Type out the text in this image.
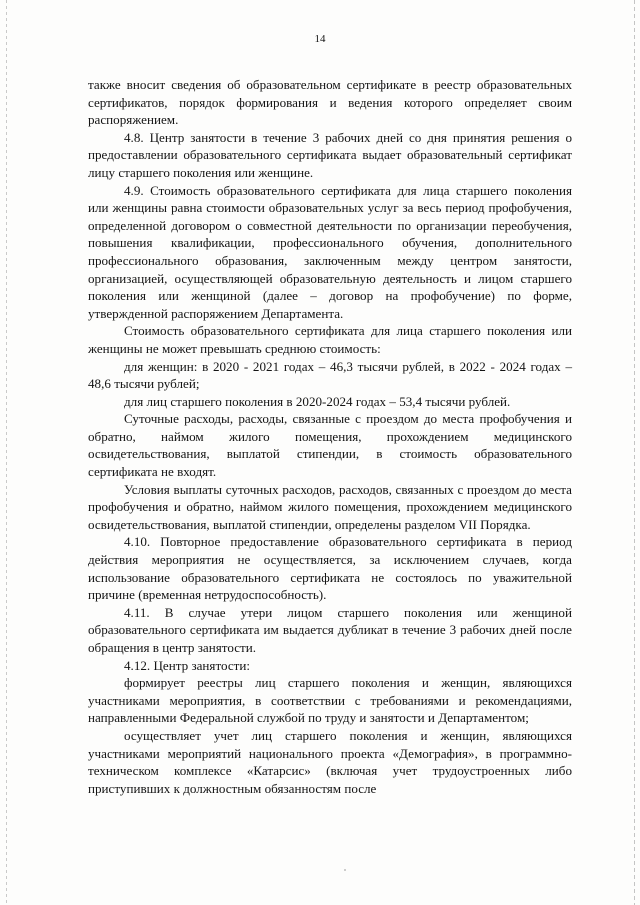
14

также вносит сведения об образовательном сертификате в реестр образовательных сертификатов, порядок формирования и ведения которого определяет своим распоряжением.

4.8. Центр занятости в течение 3 рабочих дней со дня принятия решения о предоставлении образовательного сертификата выдает образовательный сертификат лицу старшего поколения или женщине.

4.9. Стоимость образовательного сертификата для лица старшего поколения или женщины равна стоимости образовательных услуг за весь период профобучения, определенной договором о совместной деятельности по организации переобучения, повышения квалификации, профессионального обучения, дополнительного профессионального образования, заключенным между центром занятости, организацией, осуществляющей образовательную деятельность и лицом старшего поколения или женщиной (далее – договор на профобучение) по форме, утвержденной распоряжением Департамента.

Стоимость образовательного сертификата для лица старшего поколения или женщины не может превышать среднюю стоимость:

для женщин: в 2020 - 2021 годах – 46,3 тысячи рублей, в 2022 - 2024 годах – 48,6 тысячи рублей;

для лиц старшего поколения в 2020-2024 годах – 53,4 тысячи рублей.

Суточные расходы, расходы, связанные с проездом до места профобучения и обратно, наймом жилого помещения, прохождением медицинского освидетельствования, выплатой стипендии, в стоимость образовательного сертификата не входят.

Условия выплаты суточных расходов, расходов, связанных с проездом до места профобучения и обратно, наймом жилого помещения, прохождением медицинского освидетельствования, выплатой стипендии, определены разделом VII Порядка.

4.10. Повторное предоставление образовательного сертификата в период действия мероприятия не осуществляется, за исключением случаев, когда использование образовательного сертификата не состоялось по уважительной причине (временная нетрудоспособность).

4.11. В случае утери лицом старшего поколения или женщиной образовательного сертификата им выдается дубликат в течение 3 рабочих дней после обращения в центр занятости.

4.12. Центр занятости:

формирует реестры лиц старшего поколения и женщин, являющихся участниками мероприятия, в соответствии с требованиями и рекомендациями, направленными Федеральной службой по труду и занятости и Департаментом;

осуществляет учет лиц старшего поколения и женщин, являющихся участниками мероприятий национального проекта «Демография», в программно-техническом комплексе «Катарсис» (включая учет трудоустроенных либо приступивших к должностным обязанностям после
